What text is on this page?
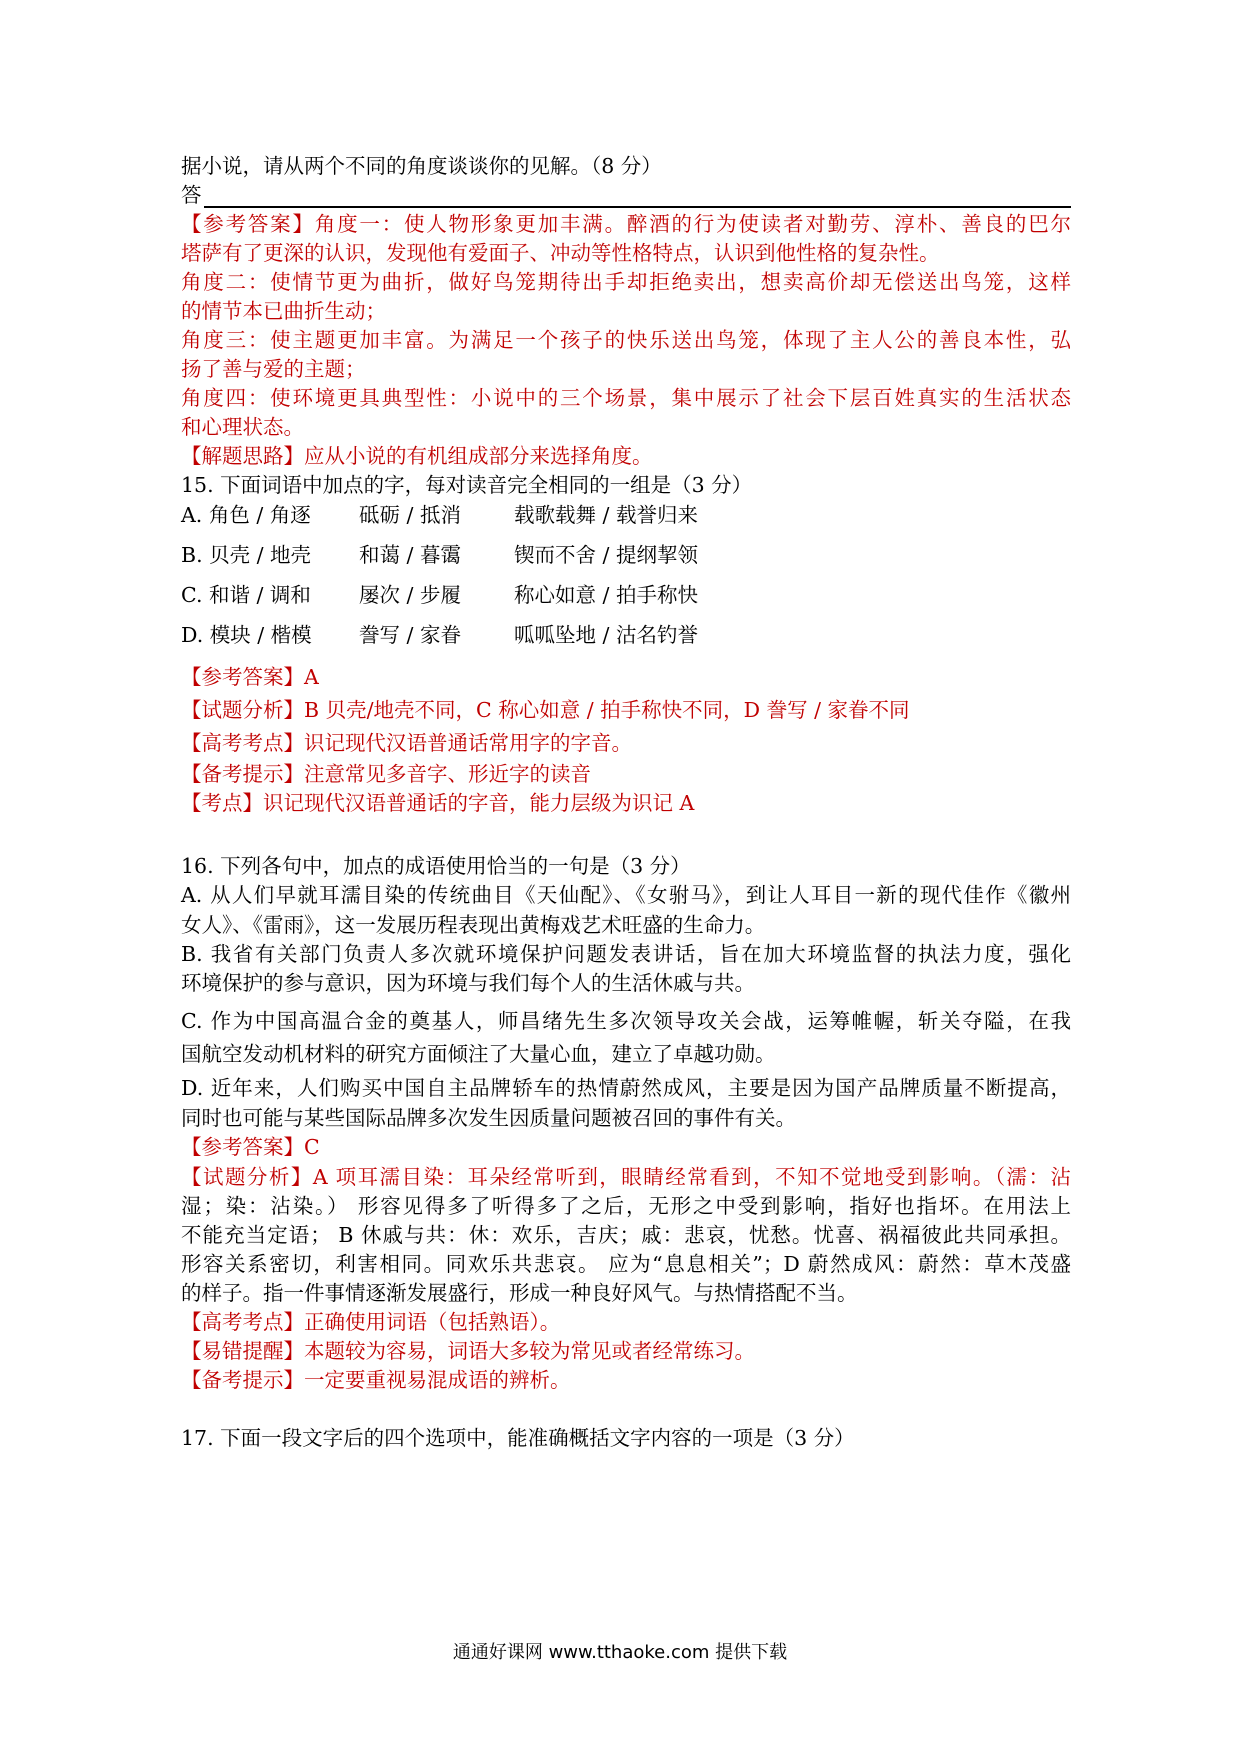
据小说，请从两个不同的角度谈谈你的见解。（8 分）
答
【参考答案】角度一：使人物形象更加丰满。醉酒的行为使读者对勤劳、淳朴、善良的巴尔
塔萨有了更深的认识，发现他有爱面子、冲动等性格特点，认识到他性格的复杂性。
角度二：使情节更为曲折，做好鸟笼期待出手却拒绝卖出，想卖高价却无偿送出鸟笼，这样
的情节本已曲折生动；
角度三：使主题更加丰富。为满足一个孩子的快乐送出鸟笼，体现了主人公的善良本性，弘
扬了善与爱的主题；
角度四：使环境更具典型性：小说中的三个场景，集中展示了社会下层百姓真实的生活状态
和心理状态。
【解题思路】应从小说的有机组成部分来选择角度。
15. 下面词语中加点的字，每对读音完全相同的一组是（3 分）
A. 角色 / 角逐	砥砺 / 抵消	载歌载舞 / 载誉归来
B. 贝壳 / 地壳	和蔼 / 暮霭	锲而不舍 / 提纲挈领
C. 和谐 / 调和	屡次 / 步履	称心如意 / 拍手称快
D. 模块 / 楷模	誊写 / 家眷	呱呱坠地 / 沽名钓誉
【参考答案】A
【试题分析】B 贝壳/地壳不同，C 称心如意 / 拍手称快不同，D 誊写 / 家眷不同
【高考考点】识记现代汉语普通话常用字的字音。
【备考提示】注意常见多音字、形近字的读音
【考点】识记现代汉语普通话的字音，能力层级为识记 A
16. 下列各句中，加点的成语使用恰当的一句是（3 分）
A. 从人们早就耳濡目染的传统曲目《天仙配》、《女驸马》，到让人耳目一新的现代佳作《徽州
女人》、《雷雨》，这一发展历程表现出黄梅戏艺术旺盛的生命力。
B. 我省有关部门负责人多次就环境保护问题发表讲话，旨在加大环境监督的执法力度，强化
环境保护的参与意识，因为环境与我们每个人的生活休戚与共。
C. 作为中国高温合金的奠基人，师昌绪先生多次领导攻关会战，运筹帷幄，斩关夺隘，在我
国航空发动机材料的研究方面倾注了大量心血，建立了卓越功勋。
D. 近年来，人们购买中国自主品牌轿车的热情蔚然成风，主要是因为国产品牌质量不断提高，
同时也可能与某些国际品牌多次发生因质量问题被召回的事件有关。
【参考答案】C
【试题分析】A 项耳濡目染：耳朵经常听到，眼睛经常看到，不知不觉地受到影响。（濡：沾
湿；染：沾染。） 形容见得多了听得多了之后，无形之中受到影响，指好也指坏。在用法上
不能充当定语； B 休戚与共：休：欢乐，吉庆；戚：悲哀，忧愁。忧喜、祸福彼此共同承担。
形容关系密切，利害相同。同欢乐共悲哀。 应为“息息相关”；D 蔚然成风：蔚然：草木茂盛
的样子。指一件事情逐渐发展盛行，形成一种良好风气。与热情搭配不当。
【高考考点】正确使用词语（包括熟语）。
【易错提醒】本题较为容易，词语大多较为常见或者经常练习。
【备考提示】一定要重视易混成语的辨析。
17. 下面一段文字后的四个选项中，能准确概括文字内容的一项是（3 分）
通通好课网 www.tthaoke.com 提供下载
